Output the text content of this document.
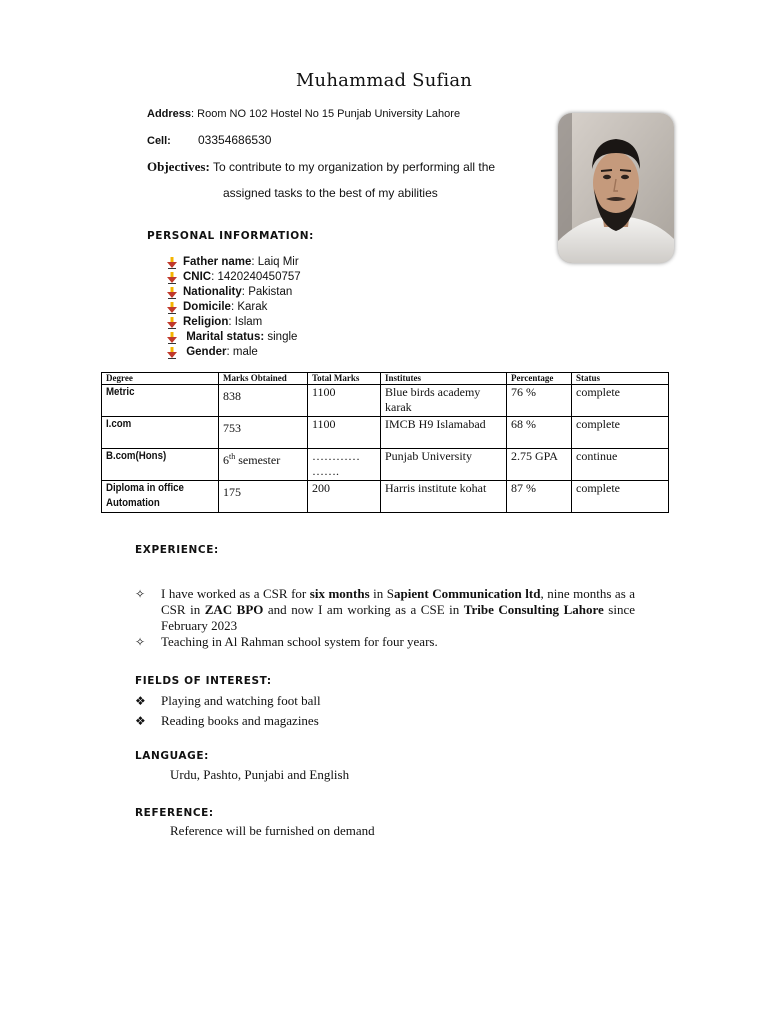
Muhammad Sufian
Address: Room NO 102 Hostel No 15 Punjab University Lahore
Cell: 03354686530
Objectives: To contribute to my organization by performing all the
assigned tasks to the best of my abilities
PERSONAL INFORMATION:
Father name : Laiq Mir
CNIC : 1420240450757
Nationality : Pakistan
Domicile : Karak
Religion : Islam

Marital status:
single

Gender : male
Degree	Marks Obtained	Total Marks	Institutes	Percentage	Status
Metric	838	1100	Blue birds academy karak	76 %	complete
I.com	753	1100	IMCB H9 Islamabad	68 %	complete
B.com(Hons)	6th semester	………… …….	Punjab University	2.75 GPA	continue
Diploma in office Automation	175	200	Harris institute kohat	87 %	complete
EXPERIENCE:
✧	I have worked as a CSR for six months in Sapient Communication ltd, nine months as a CSR in ZAC BPO and now I am working as a CSE in Tribe Consulting Lahore since February 2023
✧	Teaching in Al Rahman school system for four years.
FIELDS OF INTEREST:
❖	Playing and watching foot ball
❖	Reading books and magazines
LANGUAGE:
Urdu, Pashto, Punjabi and English
REFERENCE:
Reference will be furnished on demand
